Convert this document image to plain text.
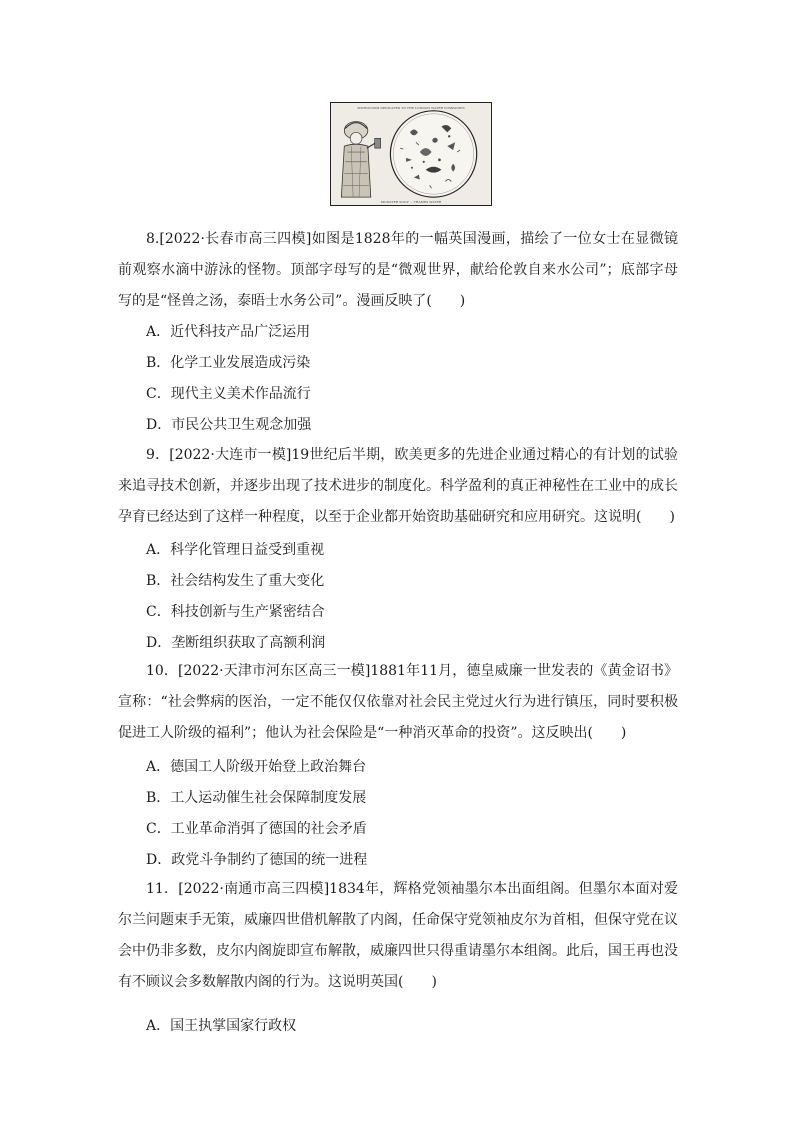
MICROCOSM DEDICATED TO THE LONDON WATER COMPANIES
MONSTER SOUP ... THAMES WATER

8.[2022·长春市高三四模]如图是1828年的一幅英国漫画，描绘了一位女士在显微镜前观察水滴中游泳的怪物。顶部字母写的是“微观世界，献给伦敦自来水公司”；底部字母写的是“怪兽之汤，泰晤士水务公司”。漫画反映了(　　)

A．近代科技产品广泛运用

B．化学工业发展造成污染

C．现代主义美术作品流行

D．市民公共卫生观念加强

9．[2022·大连市一模]19世纪后半期，欧美更多的先进企业通过精心的有计划的试验来追寻技术创新，并逐步出现了技术进步的制度化。科学盈利的真正神秘性在工业中的成长孕育已经达到了这样一种程度，以至于企业都开始资助基础研究和应用研究。这说明(　　)

A．科学化管理日益受到重视

B．社会结构发生了重大变化

C．科技创新与生产紧密结合

D．垄断组织获取了高额利润

10．[2022·天津市河东区高三一模]1881年11月，德皇威廉一世发表的《黄金诏书》宣称：“社会弊病的医治，一定不能仅仅依靠对社会民主党过火行为进行镇压，同时要积极促进工人阶级的福利”；他认为社会保险是“一种消灭革命的投资”。这反映出(　　)

A．德国工人阶级开始登上政治舞台

B．工人运动催生社会保障制度发展

C．工业革命消弭了德国的社会矛盾

D．政党斗争制约了德国的统一进程

11．[2022·南通市高三四模]1834年，辉格党领袖墨尔本出面组阁。但墨尔本面对爱尔兰问题束手无策，威廉四世借机解散了内阁，任命保守党领袖皮尔为首相，但保守党在议会中仍非多数，皮尔内阁旋即宣布解散，威廉四世只得重请墨尔本组阁。此后，国王再也没有不顾议会多数解散内阁的行为。这说明英国(　　)

A．国王执掌国家行政权
